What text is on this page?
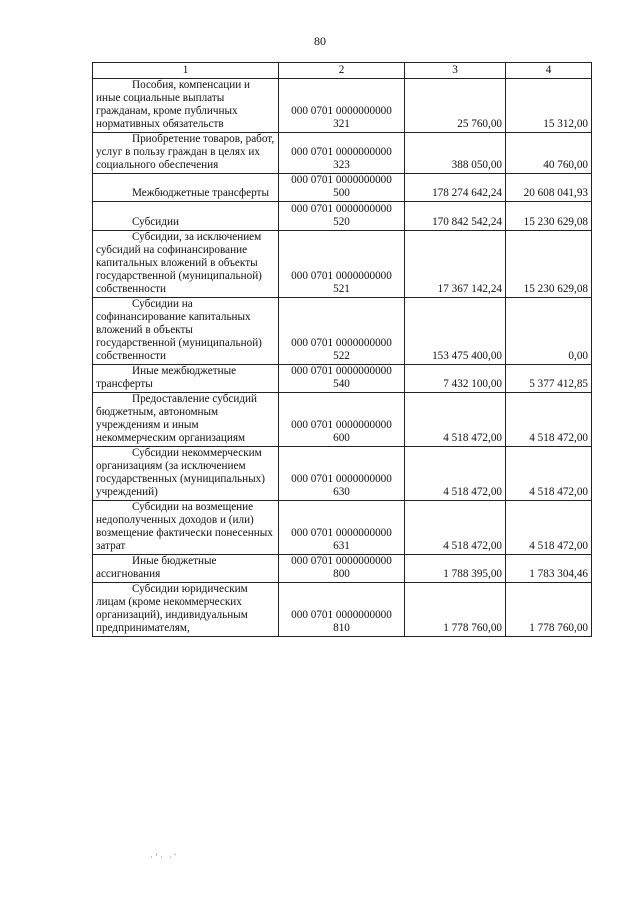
80
1	2	3	4
Пособия, компенсации и иные социальные выплаты гражданам, кроме публичных нормативных обязательств	000 0701 0000000000 321	25 760,00	15 312,00
Приобретение товаров, работ, услуг в пользу граждан в целях их социального обеспечения	000 0701 0000000000 323	388 050,00	40 760,00
Межбюджетные трансферты	000 0701 0000000000 500	178 274 642,24	20 608 041,93
Субсидии	000 0701 0000000000 520	170 842 542,24	15 230 629,08
Субсидии, за исключением субсидий на софинансирование капитальных вложений в объекты государственной (муниципальной) собственности	000 0701 0000000000 521	17 367 142,24	15 230 629,08
Субсидии на софинансирование капитальных вложений в объекты государственной (муниципальной) собственности	000 0701 0000000000 522	153 475 400,00	0,00
Иные межбюджетные трансферты	000 0701 0000000000 540	7 432 100,00	5 377 412,85
Предоставление субсидий бюджетным, автономным учреждениям и иным некоммерческим организациям	000 0701 0000000000 600	4 518 472,00	4 518 472,00
Субсидии некоммерческим организациям (за исключением государственных (муниципальных) учреждений)	000 0701 0000000000 630	4 518 472,00	4 518 472,00
Субсидии на возмещение недополученных доходов и (или) возмещение фактически понесенных затрат	000 0701 0000000000 631	4 518 472,00	4 518 472,00
Иные бюджетные ассигнования	000 0701 0000000000 800	1 788 395,00	1 783 304,46
Субсидии юридическим лицам (кроме некоммерческих организаций), индивидуальным предпринимателям,	000 0701 0000000000 810	1 778 760,00	1 778 760,00
·ʼ· ·′
